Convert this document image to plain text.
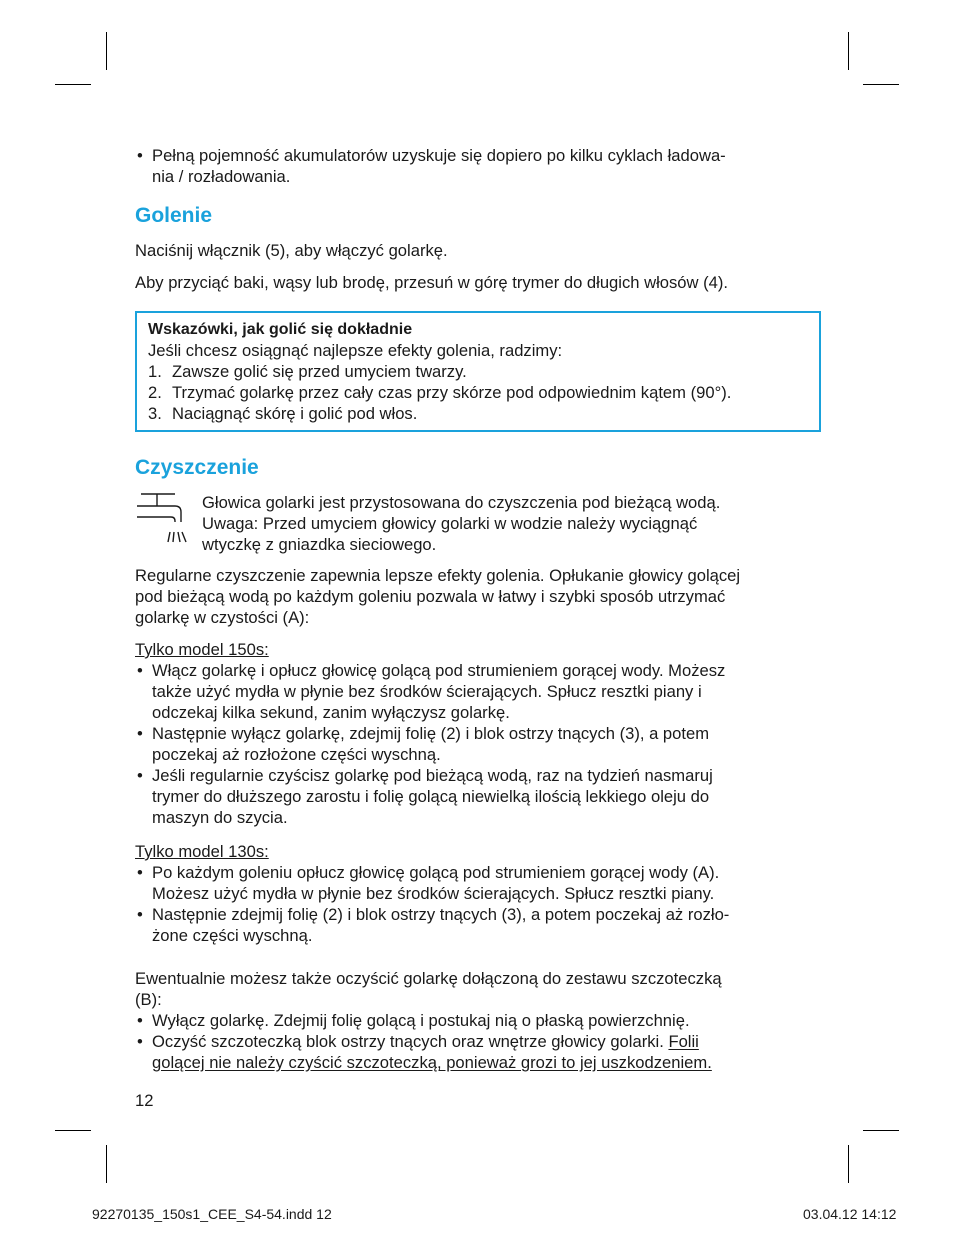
• Pełną pojemność akumulatorów uzyskuje się dopiero po kilku cyklach ładowa-
nia / rozładowania.
Golenie

Naciśnij włącznik (5), aby włączyć golarkę.

Aby przyciąć baki, wąsy lub brodę, przesuń w górę trymer do długich włosów (4).

Wskazówki, jak golić się dokładnie
Jeśli chcesz osiągnąć najlepsze efekty golenia, radzimy:
1. Zawsze golić się przed umyciem twarzy.
2. Trzymać golarkę przez cały czas przy skórze pod odpowiednim kątem (90°).
3. Naciągnąć skórę i golić pod włos.
Czyszczenie
Głowica golarki jest przystosowana do czyszczenia pod bieżącą wodą.
Uwaga: Przed umyciem głowicy golarki w wodzie należy wyciągnąć
wtyczkę z gniazdka sieciowego.
Regularne czyszczenie zapewnia lepsze efekty golenia. Opłukanie głowicy golącej
pod bieżącą wodą po każdym goleniu pozwala w łatwy i szybki sposób utrzymać
golarkę w czystości (A):
Tylko model 150s:
• Włącz golarkę i opłucz głowicę golącą pod strumieniem gorącej wody. Możesz
także użyć mydła w płynie bez środków ścierających. Spłucz resztki piany i
odczekaj kilka sekund, zanim wyłączysz golarkę.
• Następnie wyłącz golarkę, zdejmij folię (2) i blok ostrzy tnących (3), a potem
poczekaj aż rozłożone części wyschną.
• Jeśli regularnie czyścisz golarkę pod bieżącą wodą, raz na tydzień nasmaruj
trymer do dłuższego zarostu i folię golącą niewielką ilością lekkiego oleju do
maszyn do szycia.
Tylko model 130s:
• Po każdym goleniu opłucz głowicę golącą pod strumieniem gorącej wody (A).
Możesz użyć mydła w płynie bez środków ścierających. Spłucz resztki piany.
• Następnie zdejmij folię (2) i blok ostrzy tnących (3), a potem poczekaj aż rozło-
żone części wyschną.
Ewentualnie możesz także oczyścić golarkę dołączoną do zestawu szczoteczką
(B):
• Wyłącz golarkę. Zdejmij folię golącą i postukaj nią o płaską powierzchnię.
• Oczyść szczoteczką blok ostrzy tnących oraz wnętrze głowicy golarki. Folii
golącej nie należy czyścić szczoteczką, ponieważ grozi to jej uszkodzeniem.
12
92270135_150s1_CEE_S4-54.indd 12	03.04.12 14:12
